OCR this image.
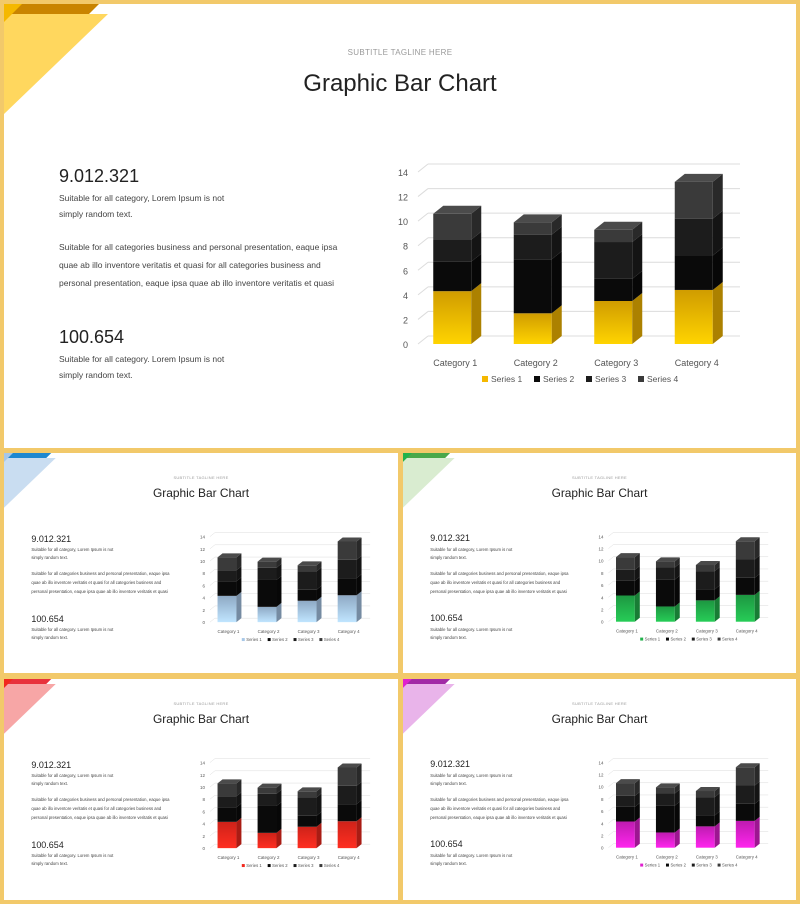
SUBTITLE TAGLINE HERE
Graphic Bar Chart
9.012.321
Suitable for all category, Lorem Ipsum is not
simply random text.
Suitable for all categories business and personal presentation, eaque ipsa
quae ab illo inventore veritatis et quasi for all categories business and
personal presentation, eaque ipsa quae ab illo inventore veritatis et quasi
100.654
Suitable for all category. Lorem Ipsum is not
simply random text.
0
2
4
6
8
10
12
14
Category 1	Category 2	Category 3	Category 4
Series 1 Series 2 Series 3 Series 4
SUBTITLE TAGLINE HERE
Graphic Bar Chart
9.012.321
Suitable for all category, Lorem Ipsum is not
simply random text.
Suitable for all categories business and personal presentation, eaque ipsa
quae ab illo inventore veritatis et quasi for all categories business and
personal presentation, eaque ipsa quae ab illo inventore veritatis et quasi
100.654
Suitable for all category. Lorem Ipsum is not
simply random text.
0
2
4
6
8
10
12
14
Category 1 Category 2 Category 3 Category 4
Series 1 Series 2 Series 3 Series 4
SUBTITLE TAGLINE HERE
Graphic Bar Chart
9.012.321
Suitable for all category, Lorem Ipsum is not
simply random text.
Suitable for all categories business and personal presentation, eaque ipsa
quae ab illo inventore veritatis et quasi for all categories business and
personal presentation, eaque ipsa quae ab illo inventore veritatis et quasi
100.654
Suitable for all category. Lorem Ipsum is not
simply random text.
0
2
4
6
8
10
12
14
Category 1 Category 2 Category 3 Category 4
Series 1 Series 2 Series 3 Series 4
SUBTITLE TAGLINE HERE
Graphic Bar Chart
9.012.321
Suitable for all category, Lorem Ipsum is not
simply random text.
Suitable for all categories business and personal presentation, eaque ipsa
quae ab illo inventore veritatis et quasi for all categories business and
personal presentation, eaque ipsa quae ab illo inventore veritatis et quasi
100.654
Suitable for all category. Lorem Ipsum is not
simply random text.
0
2
4
6
8
10
12
14
Category 1 Category 2 Category 3 Category 4
Series 1 Series 2 Series 3 Series 4
SUBTITLE TAGLINE HERE
Graphic Bar Chart
9.012.321
Suitable for all category, Lorem Ipsum is not
simply random text.
Suitable for all categories business and personal presentation, eaque ipsa
quae ab illo inventore veritatis et quasi for all categories business and
personal presentation, eaque ipsa quae ab illo inventore veritatis et quasi
100.654
Suitable for all category. Lorem Ipsum is not
simply random text.
0
2
4
6
8
10
12
14
Category 1 Category 2 Category 3 Category 4
Series 1 Series 2 Series 3 Series 4
